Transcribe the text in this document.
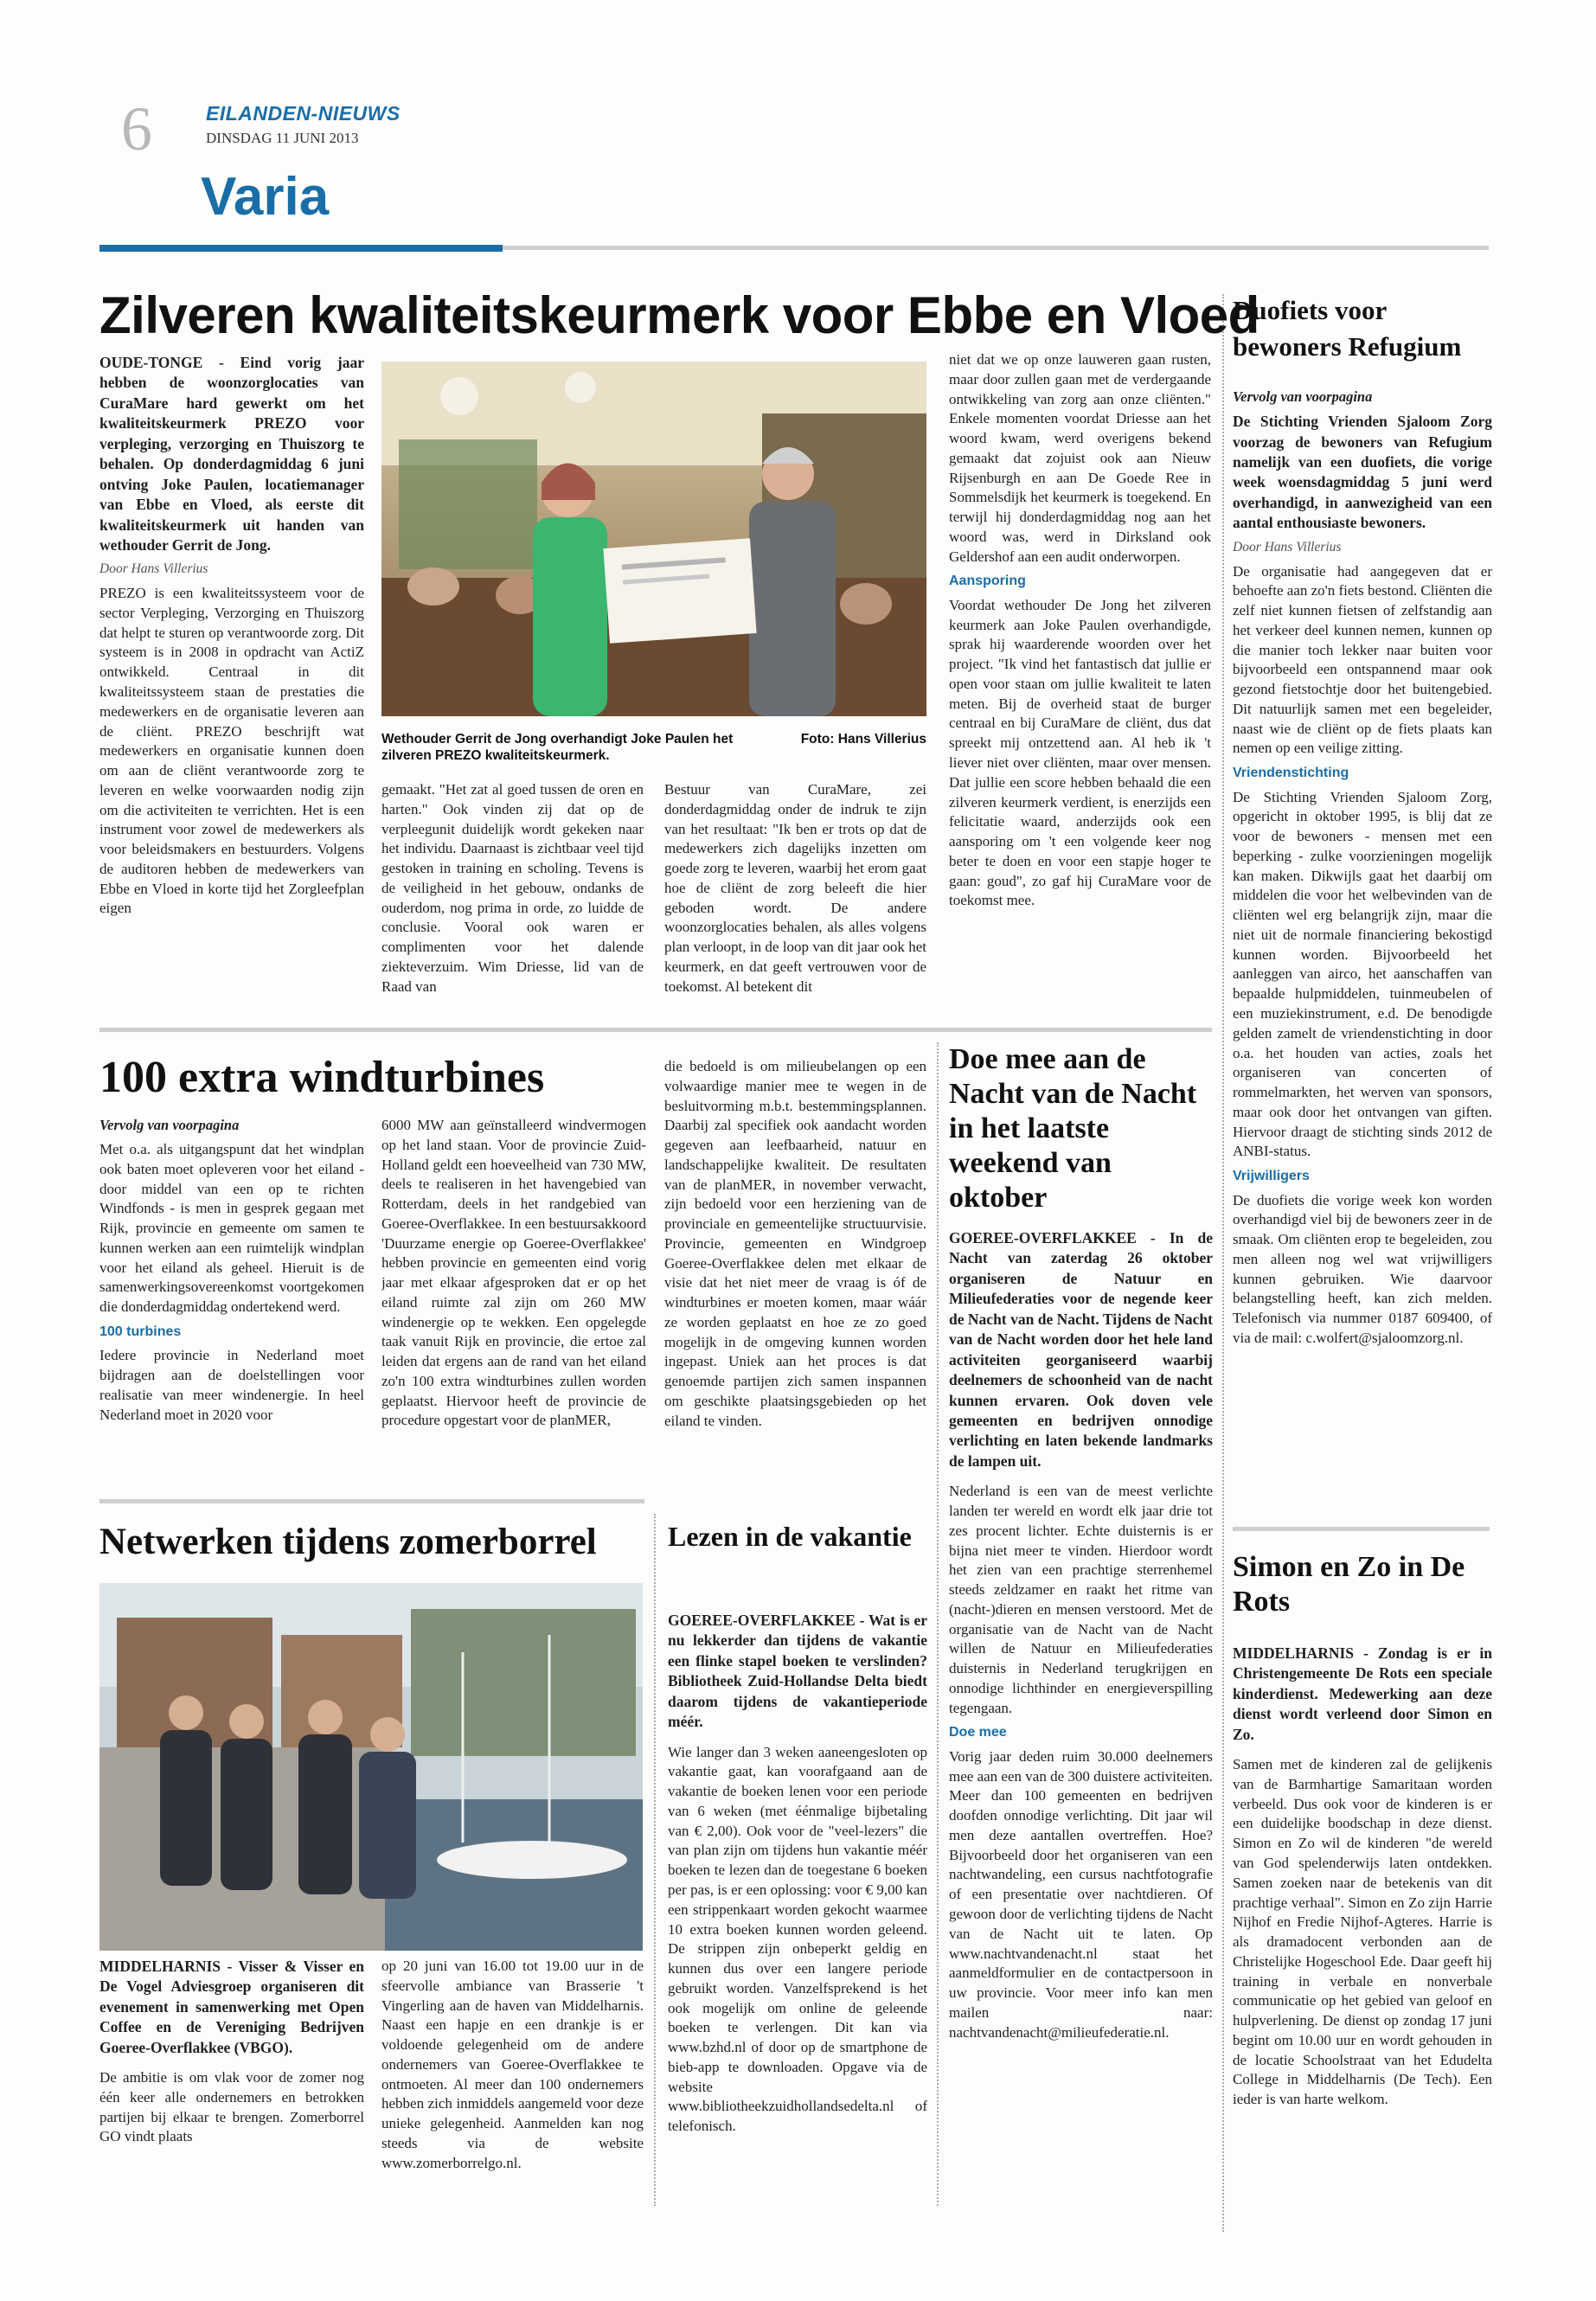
6	EILANDEN-NIEUWS
DINSDAG 11 JUNI 2013
Varia
Zilveren kwaliteitskeurmerk voor Ebbe en Vloed

OUDE-TONGE - Eind vorig jaar hebben de woonzorglocaties van CuraMare hard gewerkt om het kwaliteitskeurmerk PREZO voor verpleging, verzorging en Thuiszorg te behalen. Op donderdagmiddag 6 juni ontving Joke Paulen, locatiemanager van Ebbe en Vloed, als eerste dit kwaliteitskeurmerk uit handen van wethouder Gerrit de Jong.

Door Hans Villerius

PREZO is een kwaliteitssysteem voor de sector Verpleging, Verzorging en Thuiszorg dat helpt te sturen op verantwoorde zorg. Dit systeem is in 2008 in opdracht van ActiZ ontwikkeld. Centraal in dit kwaliteitssysteem staan de prestaties die medewerkers en de organisatie leveren aan de cliënt. PREZO beschrijft wat medewerkers en organisatie kunnen doen om aan de cliënt verantwoorde zorg te leveren en welke voorwaarden nodig zijn om die activiteiten te verrichten. Het is een instrument voor zowel de medewerkers als voor beleidsmakers en bestuurders. Volgens de auditoren hebben de medewerkers van Ebbe en Vloed in korte tijd het Zorgleefplan eigen

Wethouder Gerrit de Jong overhandigt Joke Paulen het zilveren PREZO kwaliteitskeurmerk.
Foto: Hans Villerius

gemaakt. "Het zat al goed tussen de oren en harten." Ook vinden zij dat op de verpleegunit duidelijk wordt gekeken naar het individu. Daarnaast is zichtbaar veel tijd gestoken in training en scholing. Tevens is de veiligheid in het gebouw, ondanks de ouderdom, nog prima in orde, zo luidde de conclusie. Vooral ook waren er complimenten voor het dalende ziekteverzuim. Wim Driesse, lid van de Raad van

Bestuur van CuraMare, zei donderdagmiddag onder de indruk te zijn van het resultaat: "Ik ben er trots op dat de medewerkers zich dagelijks inzetten om goede zorg te leveren, waarbij het erom gaat hoe de cliënt de zorg beleeft die hier geboden wordt. De andere woonzorglocaties behalen, als alles volgens plan verloopt, in de loop van dit jaar ook het keurmerk, en dat geeft vertrouwen voor de toekomst. Al betekent dit

niet dat we op onze lauweren gaan rusten, maar door zullen gaan met de verdergaande ontwikkeling van zorg aan onze cliënten." Enkele momenten voordat Driesse aan het woord kwam, werd overigens bekend gemaakt dat zojuist ook aan Nieuw Rijsenburgh en aan De Goede Ree in Sommelsdijk het keurmerk is toegekend. En terwijl hij donderdagmiddag nog aan het woord was, werd in Dirksland ook Geldershof aan een audit onderworpen.

Aansporing

Voordat wethouder De Jong het zilveren keurmerk aan Joke Paulen overhandigde, sprak hij waarderende woorden over het project. "Ik vind het fantastisch dat jullie er open voor staan om jullie kwaliteit te laten meten. Bij de overheid staat de burger centraal en bij CuraMare de cliënt, dus dat spreekt mij ontzettend aan. Al heb ik 't liever niet over cliënten, maar over mensen. Dat jullie een score hebben behaald die een zilveren keurmerk verdient, is enerzijds een felicitatie waard, anderzijds ook een aansporing om 't een volgende keer nog beter te doen en voor een stapje hoger te gaan: goud", zo gaf hij CuraMare voor de toekomst mee.

100 extra windturbines

Vervolg van voorpagina

Met o.a. als uitgangspunt dat het windplan ook baten moet opleveren voor het eiland - door middel van een op te richten Windfonds - is men in gesprek gegaan met Rijk, provincie en gemeente om samen te kunnen werken aan een ruimtelijk windplan voor het eiland als geheel. Hieruit is de samenwerkingsovereenkomst voortgekomen die donderdagmiddag ondertekend werd.

100 turbines

Iedere provincie in Nederland moet bijdragen aan de doelstellingen voor realisatie van meer windenergie. In heel Nederland moet in 2020 voor

6000 MW aan geïnstalleerd windvermogen op het land staan. Voor de provincie Zuid-Holland geldt een hoeveelheid van 730 MW, deels te realiseren in het havengebied van Rotterdam, deels in het randgebied van Goeree-Overflakkee. In een bestuursakkoord 'Duurzame energie op Goeree-Overflakkee' hebben provincie en gemeenten eind vorig jaar met elkaar afgesproken dat er op het eiland ruimte zal zijn om 260 MW windenergie op te wekken. Een opgelegde taak vanuit Rijk en provincie, die ertoe zal leiden dat ergens aan de rand van het eiland zo'n 100 extra windturbines zullen worden geplaatst. Hiervoor heeft de provincie de procedure opgestart voor de planMER,

die bedoeld is om milieubelangen op een volwaardige manier mee te wegen in de besluitvorming m.b.t. bestemmingsplannen. Daarbij zal specifiek ook aandacht worden gegeven aan leefbaarheid, natuur en landschappelijke kwaliteit. De resultaten van de planMER, in november verwacht, zijn bedoeld voor een herziening van de provinciale en gemeentelijke structuurvisie. Provincie, gemeenten en Windgroep Goeree-Overflakkee delen met elkaar de visie dat het niet meer de vraag is óf de windturbines er moeten komen, maar wáár ze worden geplaatst en hoe ze zo goed mogelijk in de omgeving kunnen worden ingepast. Uniek aan het proces is dat genoemde partijen zich samen inspannen om geschikte plaatsingsgebieden op het eiland te vinden.

Netwerken tijdens zomerborrel

MIDDELHARNIS - Visser & Visser en De Vogel Adviesgroep organiseren dit evenement in samenwerking met Open Coffee en de Vereniging Bedrijven Goeree-Overflakkee (VBGO).

De ambitie is om vlak voor de zomer nog één keer alle ondernemers en betrokken partijen bij elkaar te brengen. Zomerborrel GO vindt plaats

op 20 juni van 16.00 tot 19.00 uur in de sfeervolle ambiance van Brasserie 't Vingerling aan de haven van Middelharnis. Naast een hapje en een drankje is er voldoende gelegenheid om de andere ondernemers van Goeree-Overflakkee te ontmoeten. Al meer dan 100 ondernemers hebben zich inmiddels aangemeld voor deze unieke gelegenheid. Aanmelden kan nog steeds via de website www.zomerborrelgo.nl.

Lezen in de vakantie

GOEREE-OVERFLAKKEE - Wat is er nu lekkerder dan tijdens de vakantie een flinke stapel boeken te verslinden? Bibliotheek Zuid-Hollandse Delta biedt daarom tijdens de vakantieperiode méér.

Wie langer dan 3 weken aaneengesloten op vakantie gaat, kan voorafgaand aan de vakantie de boeken lenen voor een periode van 6 weken (met éénmalige bijbetaling van € 2,00). Ook voor de "veel-lezers" die van plan zijn om tijdens hun vakantie méér boeken te lezen dan de toegestane 6 boeken per pas, is er een oplossing: voor € 9,00 kan een strippenkaart worden gekocht waarmee 10 extra boeken kunnen worden geleend. De strippen zijn onbeperkt geldig en kunnen dus over een langere periode gebruikt worden. Vanzelfsprekend is het ook mogelijk om online de geleende boeken te verlengen. Dit kan via www.bzhd.nl of door op de smartphone de bieb-app te downloaden. Opgave via de website www.bibliotheekzuidhollandsedelta.nl of telefonisch.

Doe mee aan de Nacht van de Nacht in het laatste weekend van oktober

GOEREE-OVERFLAKKEE - In de Nacht van zaterdag 26 oktober organiseren de Natuur en Milieufederaties voor de negende keer de Nacht van de Nacht. Tijdens de Nacht van de Nacht worden door het hele land activiteiten georganiseerd waarbij deelnemers de schoonheid van de nacht kunnen ervaren. Ook doven vele gemeenten en bedrijven onnodige verlichting en laten bekende landmarks de lampen uit.

Nederland is een van de meest verlichte landen ter wereld en wordt elk jaar drie tot zes procent lichter. Echte duisternis is er bijna niet meer te vinden. Hierdoor wordt het zien van een prachtige sterrenhemel steeds zeldzamer en raakt het ritme van (nacht-)dieren en mensen verstoord. Met de organisatie van de Nacht van de Nacht willen de Natuur en Milieufederaties duisternis in Nederland terugkrijgen en onnodige lichthinder en energieverspilling tegengaan.

Doe mee

Vorig jaar deden ruim 30.000 deelnemers mee aan een van de 300 duistere activiteiten. Meer dan 100 gemeenten en bedrijven doofden onnodige verlichting. Dit jaar wil men deze aantallen overtreffen. Hoe? Bijvoorbeeld door het organiseren van een nachtwandeling, een cursus nachtfotografie of een presentatie over nachtdieren. Of gewoon door de verlichting tijdens de Nacht van de Nacht uit te laten. Op www.nachtvandenacht.nl staat het aanmeldformulier en de contactpersoon in uw provincie. Voor meer info kan men mailen naar: nachtvandenacht@milieufederatie.nl.

Duofiets voor bewoners Refugium

Vervolg van voorpagina

De Stichting Vrienden Sjaloom Zorg voorzag de bewoners van Refugium namelijk van een duofiets, die vorige week woensdagmiddag 5 juni werd overhandigd, in aanwezigheid van een aantal enthousiaste bewoners.

Door Hans Villerius

De organisatie had aangegeven dat er behoefte aan zo'n fiets bestond. Cliënten die zelf niet kunnen fietsen of zelfstandig aan het verkeer deel kunnen nemen, kunnen op die manier toch lekker naar buiten voor bijvoorbeeld een ontspannend maar ook gezond fietstochtje door het buitengebied. Dit natuurlijk samen met een begeleider, naast wie de cliënt op de fiets plaats kan nemen op een veilige zitting.

Vriendenstichting

De Stichting Vrienden Sjaloom Zorg, opgericht in oktober 1995, is blij dat ze voor de bewoners - mensen met een beperking - zulke voorzieningen mogelijk kan maken. Dikwijls gaat het daarbij om middelen die voor het welbevinden van de cliënten wel erg belangrijk zijn, maar die niet uit de normale financiering bekostigd kunnen worden. Bijvoorbeeld het aanleggen van airco, het aanschaffen van bepaalde hulpmiddelen, tuinmeubelen of een muziekinstrument, e.d. De benodigde gelden zamelt de vriendenstichting in door o.a. het houden van acties, zoals het organiseren van concerten of rommelmarkten, het werven van sponsors, maar ook door het ontvangen van giften. Hiervoor draagt de stichting sinds 2012 de ANBI-status.

Vrijwilligers

De duofiets die vorige week kon worden overhandigd viel bij de bewoners zeer in de smaak. Om cliënten erop te begeleiden, zou men alleen nog wel wat vrijwilligers kunnen gebruiken. Wie daarvoor belangstelling heeft, kan zich melden. Telefonisch via nummer 0187 609400, of via de mail: c.wolfert@sjaloomzorg.nl.

Simon en Zo in De Rots

MIDDELHARNIS - Zondag is er in Christengemeente De Rots een speciale kinderdienst. Medewerking aan deze dienst wordt verleend door Simon en Zo.

Samen met de kinderen zal de gelijkenis van de Barmhartige Samaritaan worden verbeeld. Dus ook voor de kinderen is er een duidelijke boodschap in deze dienst. Simon en Zo wil de kinderen "de wereld van God spelenderwijs laten ontdekken. Samen zoeken naar de betekenis van dit prachtige verhaal". Simon en Zo zijn Harrie Nijhof en Fredie Nijhof-Agteres. Harrie is als dramadocent verbonden aan de Christelijke Hogeschool Ede. Daar geeft hij training in verbale en nonverbale communicatie op het gebied van geloof en hulpverlening. De dienst op zondag 17 juni begint om 10.00 uur en wordt gehouden in de locatie Schoolstraat van het Edudelta College in Middelharnis (De Tech). Een ieder is van harte welkom.
